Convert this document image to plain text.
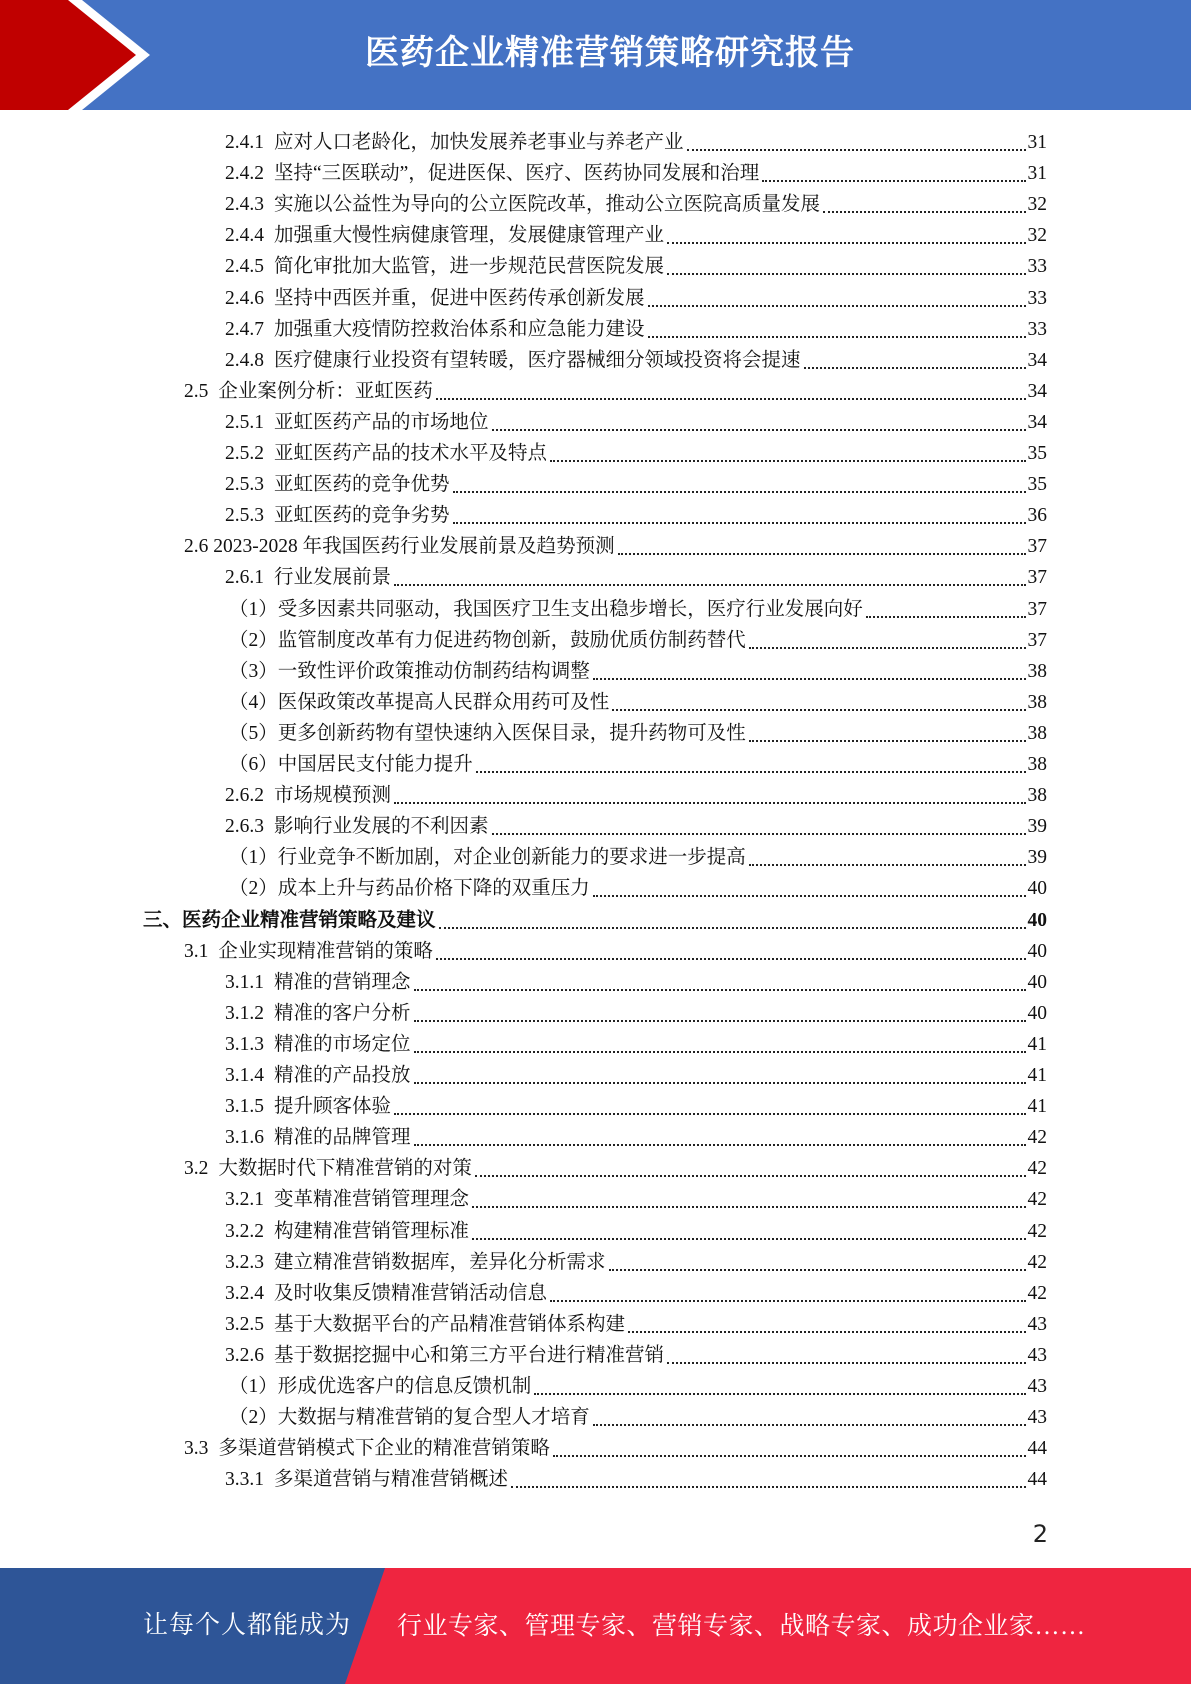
医药企业精准营销策略研究报告
2.4.1 应对人口老龄化，加快发展养老事业与养老产业	31
2.4.2 坚持“三医联动”，促进医保、医疗、医药协同发展和治理	31
2.4.3 实施以公益性为导向的公立医院改革，推动公立医院高质量发展	32
2.4.4 加强重大慢性病健康管理，发展健康管理产业	32
2.4.5 简化审批加大监管，进一步规范民营医院发展	33
2.4.6 坚持中西医并重，促进中医药传承创新发展	33
2.4.7 加强重大疫情防控救治体系和应急能力建设	33
2.4.8 医疗健康行业投资有望转暖，医疗器械细分领域投资将会提速	34
2.5 企业案例分析：亚虹医药	34
2.5.1 亚虹医药产品的市场地位	34
2.5.2 亚虹医药产品的技术水平及特点	35
2.5.3 亚虹医药的竞争优势	35
2.5.3 亚虹医药的竞争劣势	36
2.6 2023-2028 年我国医药行业发展前景及趋势预测	37
2.6.1 行业发展前景	37
（1）受多因素共同驱动，我国医疗卫生支出稳步增长，医疗行业发展向好	37
（2）监管制度改革有力促进药物创新，鼓励优质仿制药替代	37
（3）一致性评价政策推动仿制药结构调整	38
（4）医保政策改革提高人民群众用药可及性	38
（5）更多创新药物有望快速纳入医保目录，提升药物可及性	38
（6）中国居民支付能力提升	38
2.6.2 市场规模预测	38
2.6.3 影响行业发展的不利因素	39
（1）行业竞争不断加剧，对企业创新能力的要求进一步提高	39
（2）成本上升与药品价格下降的双重压力	40
三、医药企业精准营销策略及建议	40
3.1 企业实现精准营销的策略	40
3.1.1 精准的营销理念	40
3.1.2 精准的客户分析	40
3.1.3 精准的市场定位	41
3.1.4 精准的产品投放	41
3.1.5 提升顾客体验	41
3.1.6 精准的品牌管理	42
3.2 大数据时代下精准营销的对策	42
3.2.1 变革精准营销管理理念	42
3.2.2 构建精准营销管理标准	42
3.2.3 建立精准营销数据库，差异化分析需求	42
3.2.4 及时收集反馈精准营销活动信息	42
3.2.5 基于大数据平台的产品精准营销体系构建	43
3.2.6 基于数据挖掘中心和第三方平台进行精准营销	43
（1）形成优选客户的信息反馈机制	43
（2）大数据与精准营销的复合型人才培育	43
3.3 多渠道营销模式下企业的精准营销策略	44
3.3.1 多渠道营销与精准营销概述	44
2
让每个人都能成为 行业专家、管理专家、营销专家、战略专家、成功企业家……
